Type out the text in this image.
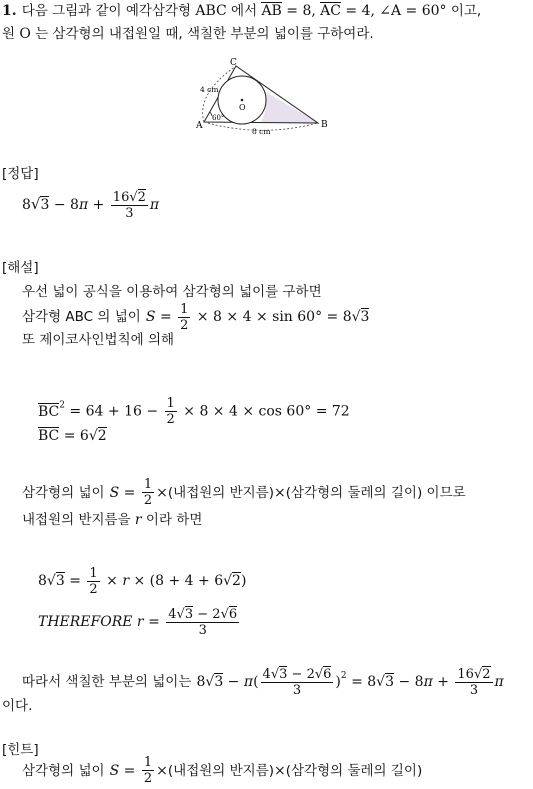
1. 다음 그림과 같이 예각삼각형 ABC 에서 AB = 8, AC = 4, ∠A = 60° 이고,
원 O 는 삼각형의 내접원일 때, 색칠한 부분의 넓이를 구하여라.
C
A	B
O
4 cm
8 cm
60°
[정답]
$8√3 - 8\pi + \frac{16√2}{3}$ π
[해설]
우선 넓이 공식을 이용하여 삼각형의 넓이를 구하면
삼각형 ABC 의 넓이 $S = \frac{1}{2} \times 8 \times 4 \times \sin 60^\circ = 8√3$
또 제이코사인법칙에 의해
$BC^2 = 64 + 16 - \frac{1}{2} \times 8 \times 4 \times \cos 60^\circ = 72$
BC = 6√2
삼각형의 넓이 $S = \frac{1}{2}$ ×(내접원의 반지름)×(삼각형의 둘레의 길이) 이므로
내접원의 반지름을 r 이라 하면
$8√3 = \frac{1}{2} \times r \times (8 + 4 + 6√2)$
THEREFORE $r = \frac{4√3 - 2√6}{3}$
따라서 색칠한 부분의 넓이는 $8√3 - \pi( \frac{4√3 - 2√6}{3} )^2 = 8√3 - 8\pi + \frac{16√2}{3}$ π
이다.
[힌트]
삼각형의 넓이 $S = \frac{1}{2}$ ×(내접원의 반지름)×(삼각형의 둘레의 길이)
